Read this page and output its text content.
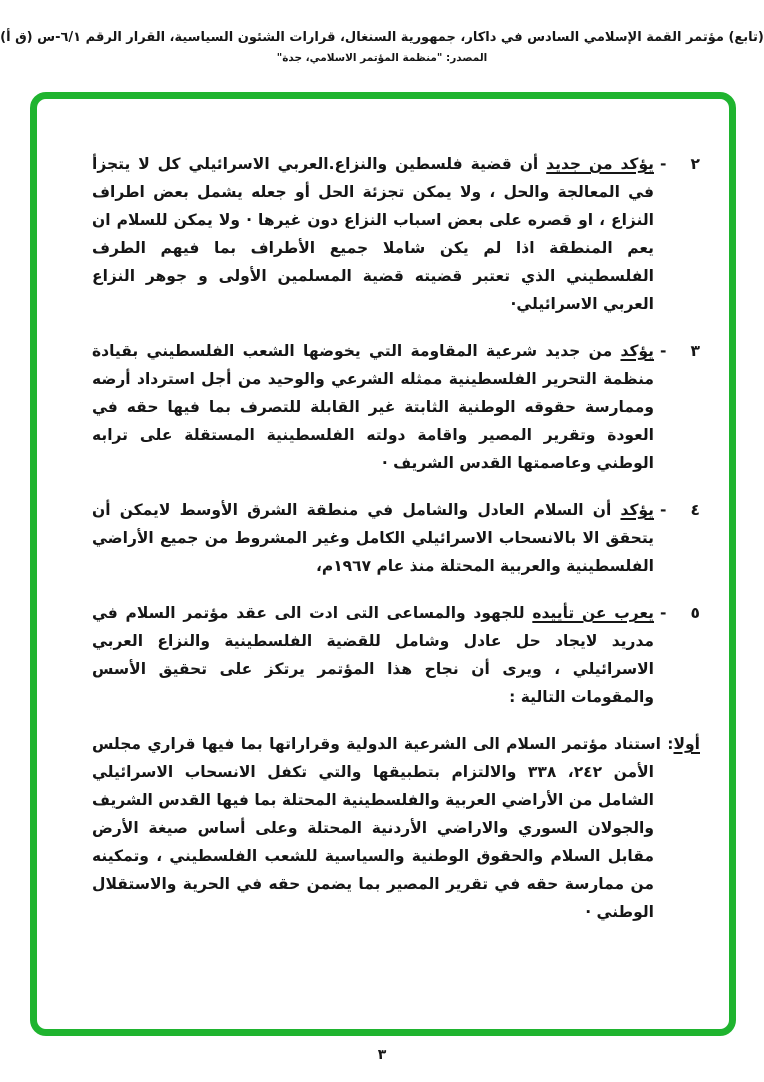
(تابع) مؤتمر القمة الإسلامي السادس في داكار، جمهورية السنغال، قرارات الشئون السياسية، القرار الرقم ٦/١-س (ق أ)
المصدر: "منظمة المؤتمر الاسلامي، جدة"
٢
-
يؤكد من جديد أن قضية فلسطين والنزاع.العربي الاسرائيلي كل لا يتجزأ في المعالجة والحل ، ولا يمكن تجزئة الحل أو جعله يشمل بعض اطراف النزاع ، او قصره على بعض اسباب النزاع دون غيرها · ولا يمكن للسلام ان يعم المنطقة اذا لم يكن شاملا جميع الأطراف بما فيهم الطرف الفلسطيني الذي تعتبر قضيته قضية المسلمين الأولى و جوهر النزاع العربي الاسرائيلي·
٣
-
يؤكد من جديد شرعية المقاومة التي يخوضها الشعب الفلسطيني بقيادة منظمة التحرير الفلسطينية ممثله الشرعي والوحيد من أجل استرداد أرضه وممارسة حقوقه الوطنية الثابتة غير القابلة للتصرف بما فيها حقه في العودة وتقرير المصير واقامة دولته الفلسطينية المستقلة على ترابه الوطني وعاصمتها القدس الشريف ·
٤
-
يؤكد أن السلام العادل والشامل في منطقة الشرق الأوسط لايمكن أن يتحقق الا بالانسحاب الاسرائيلي الكامل وغير المشروط من جميع الأراضي الفلسطينية والعربية المحتلة منذ عام ١٩٦٧م،
٥
-
يعرب عن تأييده للجهود والمساعى التى ادت الى عقد مؤتمر السلام في مدريد لايجاد حل عادل وشامل للقضية الفلسطينية والنزاع العربي الاسرائيلي ، ويرى أن نجاح هذا المؤتمر يرتكز على تحقيق الأسس والمقومات التالية :
أولا: استناد مؤتمر السلام الى الشرعية الدولية وقراراتها بما فيها قراري مجلس الأمن ٢٤٢، ٣٣٨ والالتزام بتطبيقها والتي تكفل الانسحاب الاسرائيلي الشامل من الأراضي العربية والفلسطينية المحتلة بما فيها القدس الشريف والجولان السوري والاراضي الأردنية المحتلة وعلى أساس صيغة الأرض مقابل السلام والحقوق الوطنية والسياسية للشعب الفلسطيني ، وتمكينه من ممارسة حقه في تقرير المصير بما يضمن حقه في الحرية والاستقلال الوطني ·
٣
